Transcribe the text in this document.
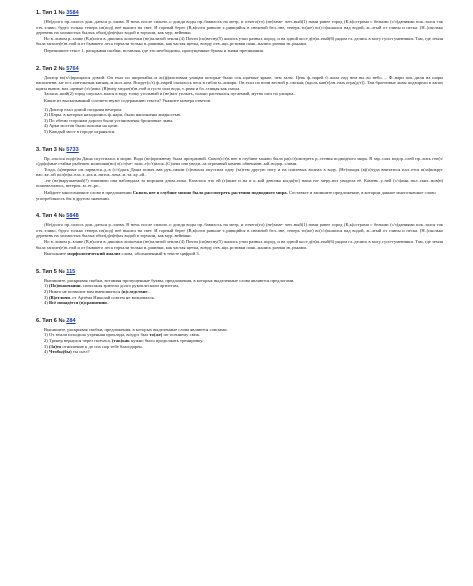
1. Тип 1 № 3584

(Не)долго пр..шлось дож..даться р..зливa. В ночь после сильно..о дождя воды пр..бавилось на метр, и отчего(то) (не)заме- чен..ный(1) нами ранее город (К,к)остpома с белыми (с/з)даниями пок..зался так отч..тливо, будто только теперь из(под) неё вышел на свет. И горный берег (В,в)олги раньше т..ривщийся в снежной бел..зне, теперь то(же) вс(с/з)ышался над водой, ж..лтый от глины и песка. (Н..)сколько деревень на холмистых былых обил(д)н(н)ых водой в торчали, как мур..вейники.

Но в..ливом р..зливе (В,в)олги в..двились копоечки (не)залитой земли.(4) Почти (по)весну(5) жались утки разных пород, и на одной косе д(н)и..ный(6) рядом гл..делись в могу гуси-гуменники. Там, где земля была заполн(е)н..ной и от бывшего леса торчали только в..ршинки, как частая щетка, всюду отв..щи..рстивки пояк..жались разная зв..рьками.

Перепишите текст 1, раскрывая скобки, вставляя, где это необходимо, пропущенные буквы и знаки препинания.

2. Тип 2 № 5764

Доктор во(з/с)вращался домой. Он ехал по широчайш..м ас(ф)альтовым улицам которые были осв..щаемые яркие, чем залы. Цепь ф..нарей б..жала над нем вы..во небо. – Ф..нари пок..дили на шары наполненн..ые ост..пительным кипящ..м мол..ком. Вскрут(с/з) ф..нарей сыпалось песк в гибла м..ликари. Он ехал по ночи весной р..овская; (вдоль кан(е)лн..ных огра(д/т)). Там бронзовые львы подзирели в лапах щиты вывок. вал..щеные (з/с)ами. (В)низу медле(н)н..ной и густо шла вода, т..рная и бл..стящая как смола.

Засыпа..ший(2) город опускал..влася в воду точку угольный и (не)мог уплыть, только растекался пугаемый, мутно шел по улицам...

Какие из высказываний соответствуют содержанию текста? Укажите номера ответов.

1) Доктор ехал домой поздним вечером.

2) Шары, в которых находились ф..нари, были наполнены жидкостью.

3) По обеим сторонам дороги были установлены бронзовые львы.

4) Арки мостов были похожи на цепи.

5) Каждый мост в городе охранялся.

3. Тип 3 № 5733

Пр..ололся под(е)м Даша спустилась к морю. Вода (по)прежнему была прозрачной. Сквоз(с/з)ь нее в глубине можно было ра(с/з)смотреть р..стения подводного мира. В зар..слях водор..слей пр..лись гне(з/с)да(и)мые стайки рыбешек колюшки(но) е(с/з)че- зали..т(с/з)ился..(С)лева она уведи..ла огромный камень обвешанн..ый..водор..слями.

Тогда, (а)нерные он..зарвался..д..в (с/з)дась Даша понач..вав рук..ивали (с)начала опустила одну (за)тем другую ногу и на плитевых волнах в воду. (Не)заходя (в)(о)туда внитаться нал..ется и(за)вокруг нас..ке..ой пол(н)ы..ела..т..ясь и..ниток..чека..и..та..ку..ой..

..не (не)нарушаемой(?) тишиною она наблюдала за морским дном..пока. Казалось что ей (т)акже и..на и к..кой девочка когда(то) наша на- меру..вот увидела её. Камень..у..ней (с/з)ами..пол..ских..нов(н) пошевелились, ветерок..м..ет..ре...

Найдите многозначное слово в предложении Сквозь нее в глубине можно было рассмотреть растения подводного мира. Составьте и запишите предложение, в котором данное многозначное слово употреблялось бы в другом значении.

4. Тип 4 № 5848

(Не)долго пр..шлось дож..даться р..зливa. В ночь после сильно..о дождя воды пр..бавилось на метр, и отчего(то) (не)заме- чен..ный(1) нами ранее город (К,к)остpома с белыми (с/з)даниями пок..зался так отч..тливо, будто только теперь из(под) неё вышел на свет. И горный берег (В,в)олги раньше т..ривщийся в снежной бел..зне, теперь то(же) вс(с/з)ышался над водой, ж..лтый от глины и песка. (Н..)сколько деревень на холмистых былых обил(д)н(н)ых водой в торчали, как мур..вейники.

Но в..ливом р..зливе (В,в)олги в..двились копоечки (не)залитой земли.(4) Почти (по)весну(5) жались утки разных пород, и на одной косе д(н)и..ный(6) рядом гл..делись в могу гуси-гуменники. Там, где земля была заполн(е)н..ной и от бывшего леса торчали только в..ршинки, как частая щетка, всюду отв..щи..рстивки пояк..жались разная зв..рьками.

Выполните морфологический анализ слова, обозначенный в тексте цифрой 3.

5. Тип 5 № 115

Выпишите, раскрывая скобки, вставляя пропущенные буквы, предложения, в которых выделенные слова являются предлогами.

1) (По)окончании. спектакля зрители долго рукоплескали артистам.

2) Никто не позволит вам вмешиваться (в)следствие..

3) (В)отличи..от Артёма Николай совсем не волновался.

4) Всё понадёгся (в)сравнении..

6. Тип 6 № 284

Выпишите, раскрывая скобки, предложения, в которых выделенные слова являются союзами.

1) От земли исходила утренняя прохлада, воздух был то(же) по-осеннему свеж.

2) Тренер вернулся через полчаса, (так)как нужно было продолжать тренировку.

3) (За)то отношение к до сих пор тебе благодарен.

4) Чтобы(бы) ты сьел?
